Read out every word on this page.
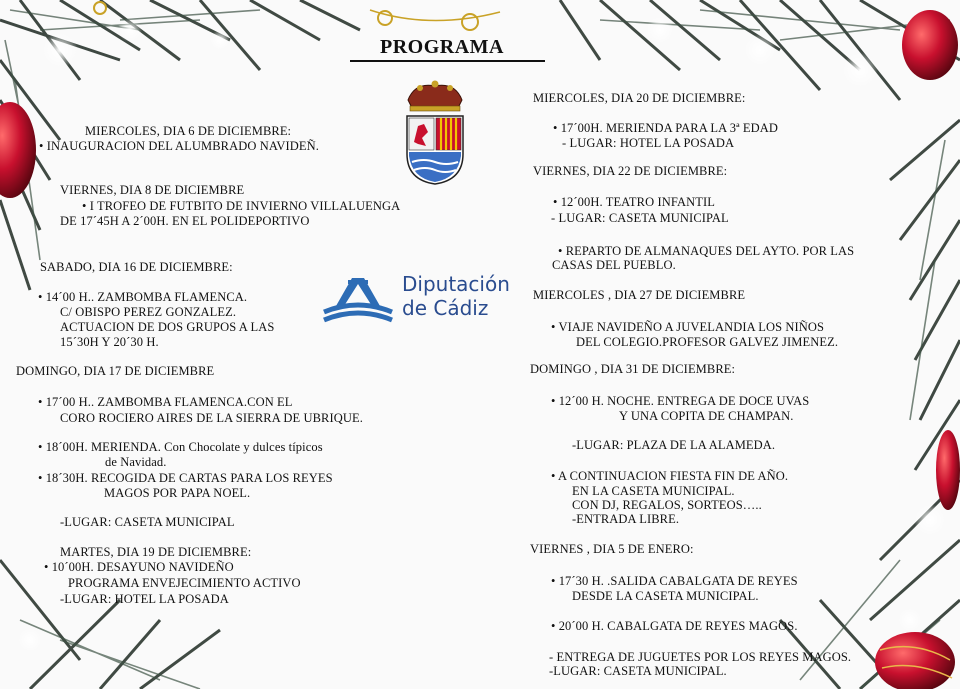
PROGRAMA
Diputación
de Cádiz
MIERCOLES, DIA 6 DE DICIEMBRE:
• INAUGURACION DEL ALUMBRADO NAVIDEÑ.
VIERNES, DIA 8 DE DICIEMBRE
• I TROFEO DE FUTBITO DE INVIERNO VILLALUENGA
DE 17´45H A 2´00H. EN EL POLIDEPORTIVO
SABADO, DIA 16 DE DICIEMBRE:
• 14´00 H.. ZAMBOMBA FLAMENCA.
C/ OBISPO PEREZ GONZALEZ.
ACTUACION DE DOS GRUPOS A LAS
15´30H Y 20´30 H.
DOMINGO, DIA 17 DE DICIEMBRE
• 17´00 H.. ZAMBOMBA FLAMENCA.CON EL
CORO ROCIERO AIRES DE LA SIERRA DE UBRIQUE.
• 18´00H. MERIENDA. Con Chocolate y dulces típicos
de Navidad.
• 18´30H. RECOGIDA DE CARTAS PARA LOS REYES
MAGOS POR PAPA NOEL.
-LUGAR: CASETA MUNICIPAL
MARTES, DIA 19 DE DICIEMBRE:
• 10´00H. DESAYUNO NAVIDEÑO
PROGRAMA ENVEJECIMIENTO ACTIVO
-LUGAR: HOTEL LA POSADA
MIERCOLES, DIA 20 DE DICIEMBRE:
• 17´00H. MERIENDA PARA LA 3ª EDAD
- LUGAR: HOTEL LA POSADA
VIERNES, DIA 22 DE DICIEMBRE:
• 12´00H. TEATRO INFANTIL
- LUGAR: CASETA MUNICIPAL
• REPARTO DE ALMANAQUES DEL AYTO. POR LAS
CASAS DEL PUEBLO.
MIERCOLES , DIA 27 DE DICIEMBRE
• VIAJE NAVIDEÑO A JUVELANDIA LOS NIÑOS
DEL COLEGIO.PROFESOR GALVEZ JIMENEZ.
DOMINGO , DIA 31 DE DICIEMBRE:
• 12´00 H. NOCHE. ENTREGA DE DOCE UVAS
Y UNA COPITA DE CHAMPAN.
-LUGAR: PLAZA DE LA ALAMEDA.
• A CONTINUACION FIESTA FIN DE AÑO.
EN LA CASETA MUNICIPAL.
CON DJ, REGALOS, SORTEOS…..
-ENTRADA LIBRE.
VIERNES , DIA 5 DE ENERO:
• 17´30 H. .SALIDA CABALGATA DE REYES
DESDE LA CASETA MUNICIPAL.
• 20´00 H. CABALGATA DE REYES MAGOS.
- ENTREGA DE JUGUETES POR LOS REYES MAGOS.
-LUGAR: CASETA MUNICIPAL.
